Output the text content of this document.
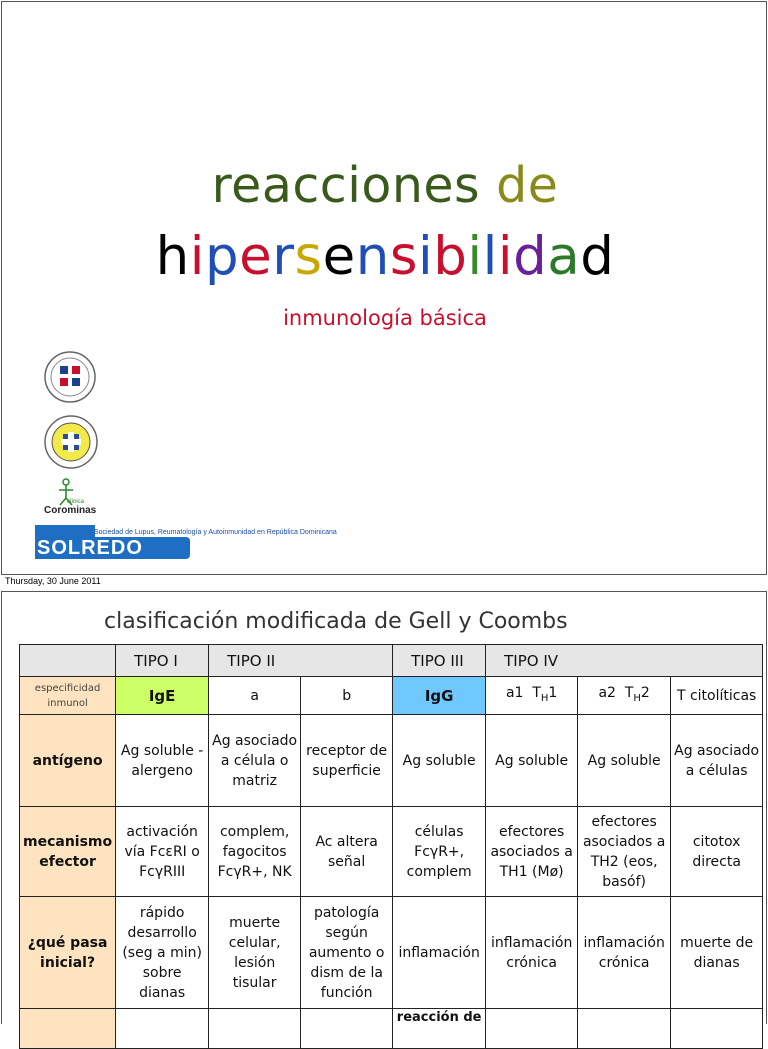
reacciones de
hipersensibilidad
inmunología básica
clínica
Corominas
SOLREDO
Sociedad de Lupus, Reumatología y Autoinmunidad en República Dominicana
Thursday, 30 June 2011
clasificación modificada de Gell y Coombs
	TIPO I	TIPO II		TIPO III	TIPO IV		
especificidad inmunol	IgE	a	b	IgG	a1  $T_H1$	a2  $T_H2$	T citolíticas
antígeno	Ag soluble -alergeno	Ag asociado a célula o matriz	receptor de superficie	Ag soluble	Ag soluble	Ag soluble	Ag asociado a células
mecanismo efector	activación vía FcεRI o FcγRIII	complem, fagocitos FcγR+, NK	Ac altera señal	células FcγR+, complem	efectores asociados a TH1 (Mø)	efectores asociados a TH2 (eos, basóf)	citotox directa
¿qué pasa inicial?	rápido desarrollo (seg a min) sobre dianas	muerte celular, lesión tisular	patología según aumento o dism de la función	inflamación	inflamación crónica	inflamación crónica	muerte de dianas
				reacción de			
